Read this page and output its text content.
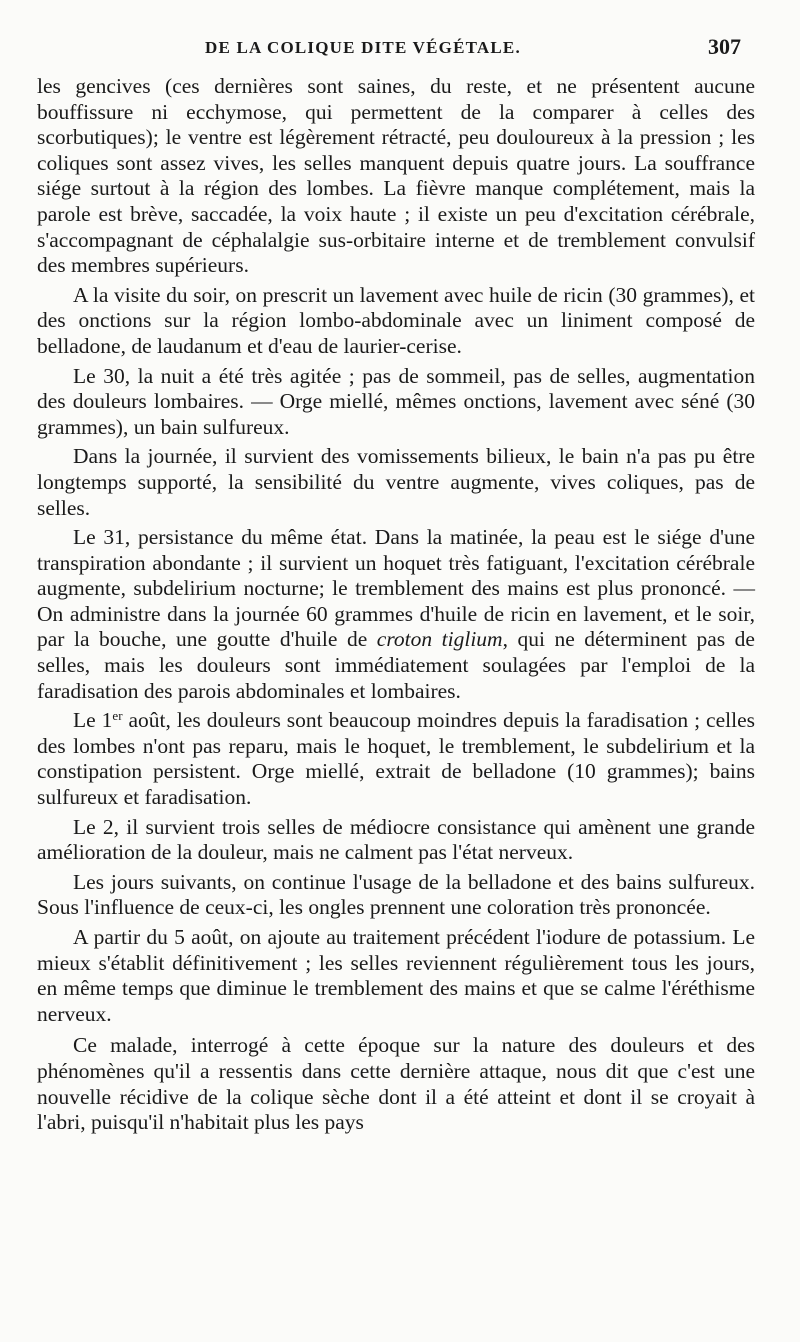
DE LA COLIQUE DITE VÉGÉTALE.	307

les gencives (ces dernières sont saines, du reste, et ne présentent aucune bouffissure ni ecchymose, qui permettent de la comparer à celles des scorbutiques); le ventre est légèrement rétracté, peu douloureux à la pression ; les coliques sont assez vives, les selles manquent depuis quatre jours. La souffrance siége surtout à la région des lombes. La fièvre manque complétement, mais la parole est brève, saccadée, la voix haute ; il existe un peu d'excitation cérébrale, s'accompagnant de céphalalgie sus-orbitaire interne et de tremblement convulsif des membres supérieurs.

A la visite du soir, on prescrit un lavement avec huile de ricin (30 grammes), et des onctions sur la région lombo-abdominale avec un liniment composé de belladone, de laudanum et d'eau de laurier-cerise.

Le 30, la nuit a été très agitée ; pas de sommeil, pas de selles, augmentation des douleurs lombaires. — Orge miellé, mêmes onctions, lavement avec séné (30 grammes), un bain sulfureux.

Dans la journée, il survient des vomissements bilieux, le bain n'a pas pu être longtemps supporté, la sensibilité du ventre augmente, vives coliques, pas de selles.

Le 31, persistance du même état. Dans la matinée, la peau est le siége d'une transpiration abondante ; il survient un hoquet très fatiguant, l'excitation cérébrale augmente, subdelirium nocturne; le tremblement des mains est plus prononcé. — On administre dans la journée 60 grammes d'huile de ricin en lavement, et le soir, par la bouche, une goutte d'huile de croton tiglium, qui ne déterminent pas de selles, mais les douleurs sont immédiatement soulagées par l'emploi de la faradisation des parois abdominales et lombaires.

Le 1er août, les douleurs sont beaucoup moindres depuis la faradisation ; celles des lombes n'ont pas reparu, mais le hoquet, le tremblement, le subdelirium et la constipation persistent. Orge miellé, extrait de belladone (10 grammes); bains sulfureux et faradisation.

Le 2, il survient trois selles de médiocre consistance qui amènent une grande amélioration de la douleur, mais ne calment pas l'état nerveux.

Les jours suivants, on continue l'usage de la belladone et des bains sulfureux. Sous l'influence de ceux-ci, les ongles prennent une coloration très prononcée.

A partir du 5 août, on ajoute au traitement précédent l'iodure de potassium. Le mieux s'établit définitivement ; les selles reviennent régulièrement tous les jours, en même temps que diminue le tremblement des mains et que se calme l'éréthisme nerveux.

Ce malade, interrogé à cette époque sur la nature des douleurs et des phénomènes qu'il a ressentis dans cette dernière attaque, nous dit que c'est une nouvelle récidive de la colique sèche dont il a été atteint et dont il se croyait à l'abri, puisqu'il n'habitait plus les pays
